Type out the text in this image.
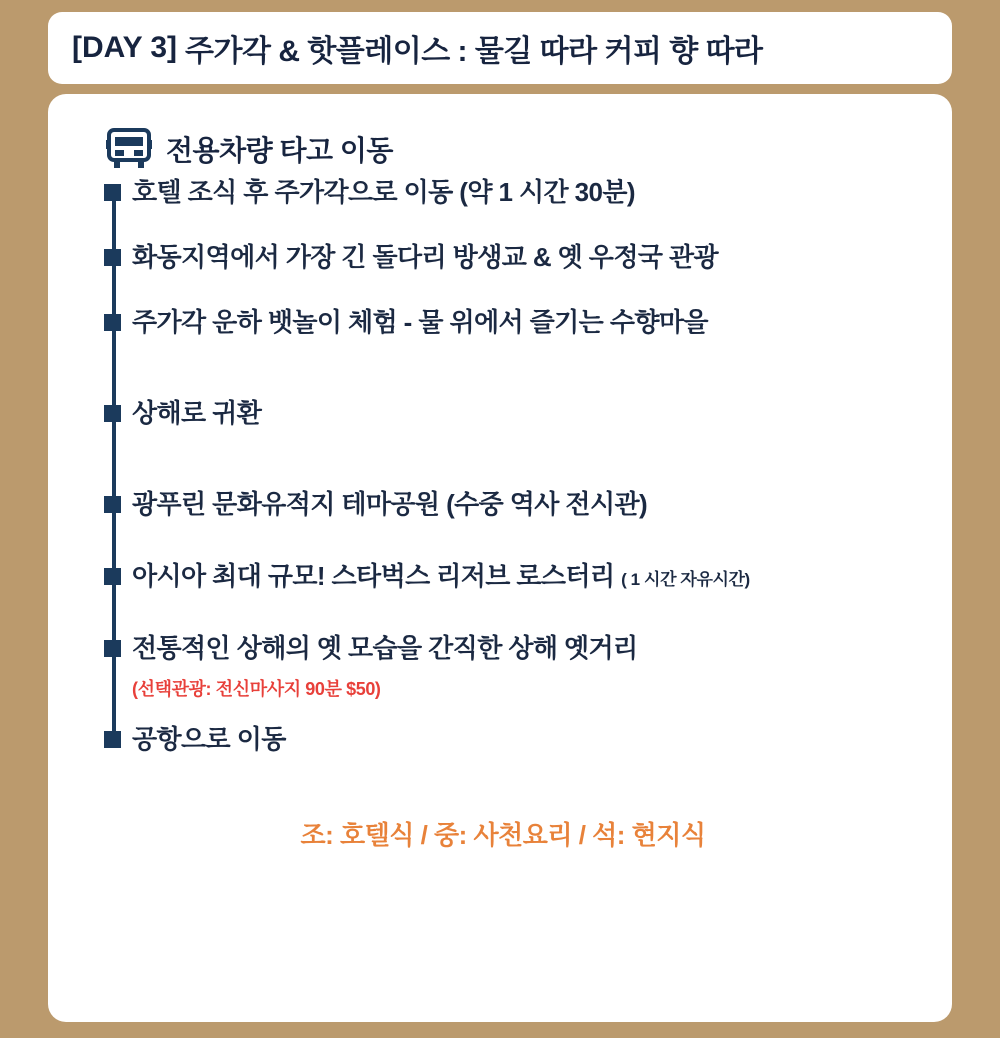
[DAY 3] 주가각 & 핫플레이스 : 물길 따라 커피 향 따라
전용차량 타고 이동
호텔 조식 후 주가각으로 이동 (약 1 시간 30분)
화동지역에서 가장 긴 돌다리 방생교 & 옛 우정국 관광
주가각 운하 뱃놀이 체험 - 물 위에서 즐기는 수향마을
상해로 귀환
광푸린 문화유적지 테마공원 (수중 역사 전시관)
아시아 최대 규모! 스타벅스 리저브 로스터리 ( 1 시간 자유시간)
전통적인 상해의 옛 모습을 간직한 상해 옛거리
(선택관광: 전신마사지 90분 $50)
공항으로 이동
조: 호텔식 / 중: 사천요리 / 석: 현지식
